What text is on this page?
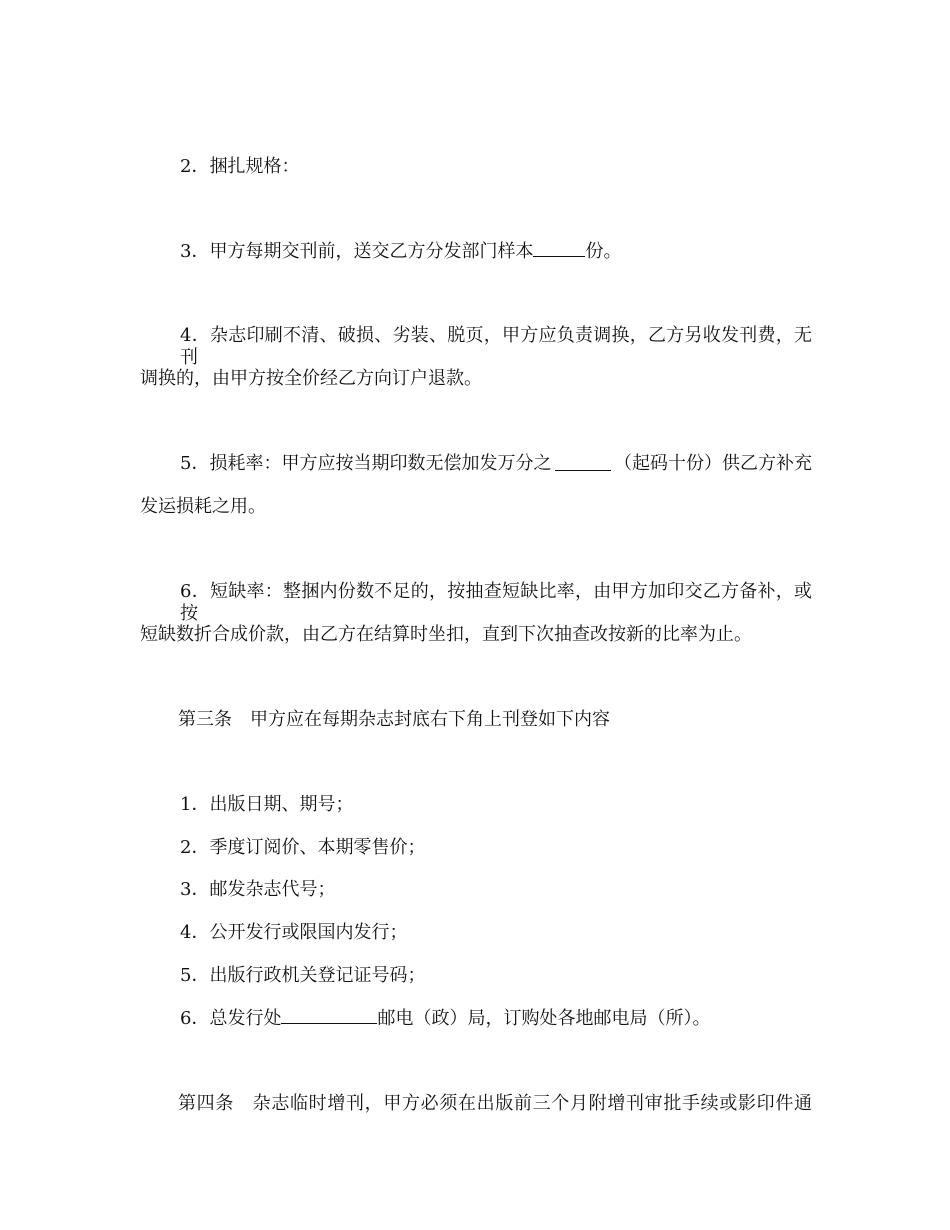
2．捆扎规格：
3．甲方每期交刊前，送交乙方分发部门样本	份。
4．杂志印刷不清、破损、劣装、脱页，甲方应负责调换，乙方另收发刊费，无刊
调换的，由甲方按全价经乙方向订户退款。
5．损耗率：甲方应按当期印数无偿加发万分之	（起码十份）供乙方补充
发运损耗之用。
6．短缺率：整捆内份数不足的，按抽查短缺比率，由甲方加印交乙方备补，或按
短缺数折合成价款，由乙方在结算时坐扣，直到下次抽查改按新的比率为止。
第三条　甲方应在每期杂志封底右下角上刊登如下内容
1．出版日期、期号；
2．季度订阅价、本期零售价；
3．邮发杂志代号；
4．公开发行或限国内发行；
5．出版行政机关登记证号码；
6．总发行处	邮电（政）局，订购处各地邮电局（所）。
第四条　杂志临时增刊，甲方必须在出版前三个月附增刊审批手续或影印件通
